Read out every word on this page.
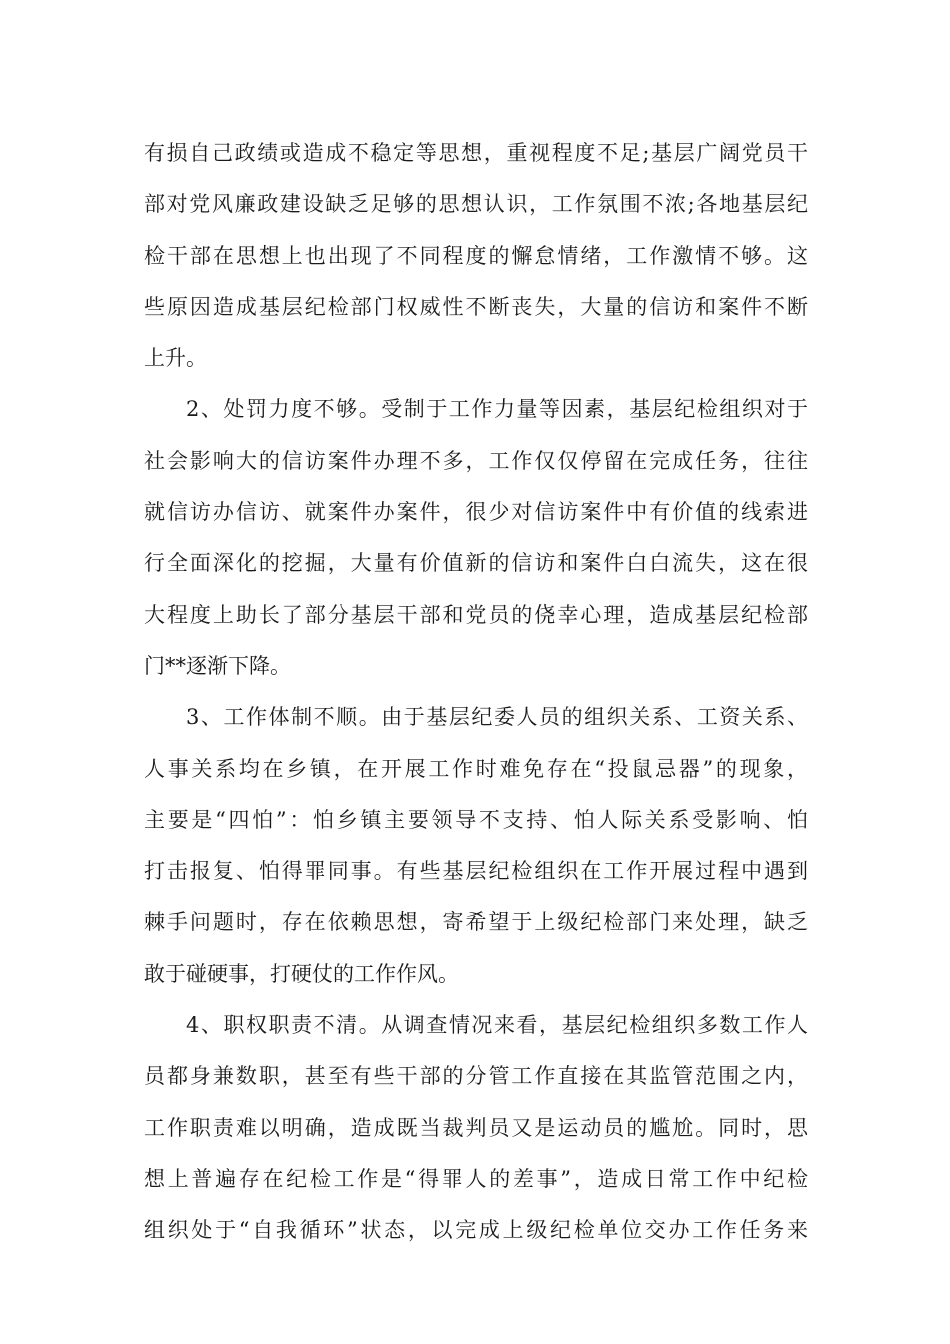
有损自己政绩或造成不稳定等思想，重视程度不足;基层广阔党员干
部对党风廉政建设缺乏足够的思想认识，工作氛围不浓;各地基层纪
检干部在思想上也出现了不同程度的懈怠情绪，工作激情不够。这
些原因造成基层纪检部门权威性不断丧失，大量的信访和案件不断
上升。
2、处罚力度不够。受制于工作力量等因素，基层纪检组织对于
社会影响大的信访案件办理不多，工作仅仅停留在完成任务，往往
就信访办信访、就案件办案件，很少对信访案件中有价值的线索进
行全面深化的挖掘，大量有价值新的信访和案件白白流失，这在很
大程度上助长了部分基层干部和党员的侥幸心理，造成基层纪检部
门**逐渐下降。
3、工作体制不顺。由于基层纪委人员的组织关系、工资关系、
人事关系均在乡镇，在开展工作时难免存在“投鼠忌器”的现象，
主要是“四怕”：怕乡镇主要领导不支持、怕人际关系受影响、怕
打击报复、怕得罪同事。有些基层纪检组织在工作开展过程中遇到
棘手问题时，存在依赖思想，寄希望于上级纪检部门来处理，缺乏
敢于碰硬事，打硬仗的工作作风。
4、职权职责不清。从调查情况来看，基层纪检组织多数工作人
员都身兼数职，甚至有些干部的分管工作直接在其监管范围之内，
工作职责难以明确，造成既当裁判员又是运动员的尴尬。同时，思
想上普遍存在纪检工作是“得罪人的差事”，造成日常工作中纪检
组织处于“自我循环”状态，以完成上级纪检单位交办工作任务来
